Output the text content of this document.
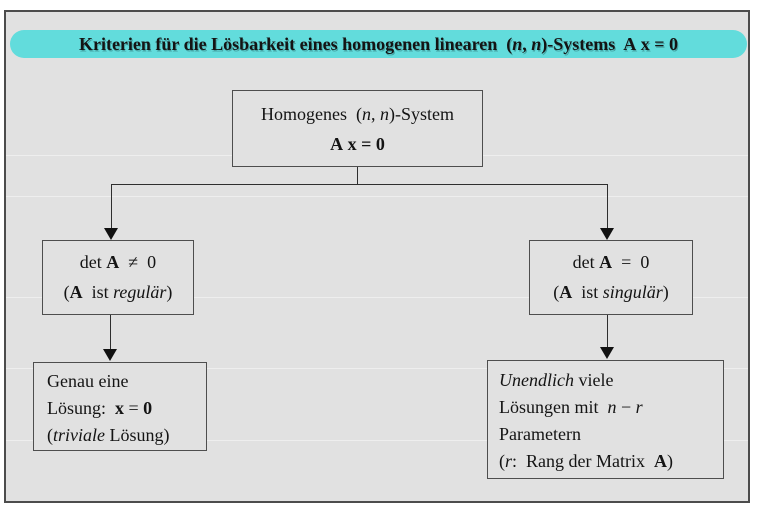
Kriterien für die Lösbarkeit eines homogenen linearen  (n, n)-Systems  A x = 0
Homogenes  (n, n)-System
A x = 0
det A  ≠  0
(A  ist regulär)
det A  =  0
(A  ist singulär)
Genau eine
Lösung:  x = 0
(triviale Lösung)
Unendlich viele
Lösungen mit  n − r
Parametern
(r:  Rang der Matrix  A)
